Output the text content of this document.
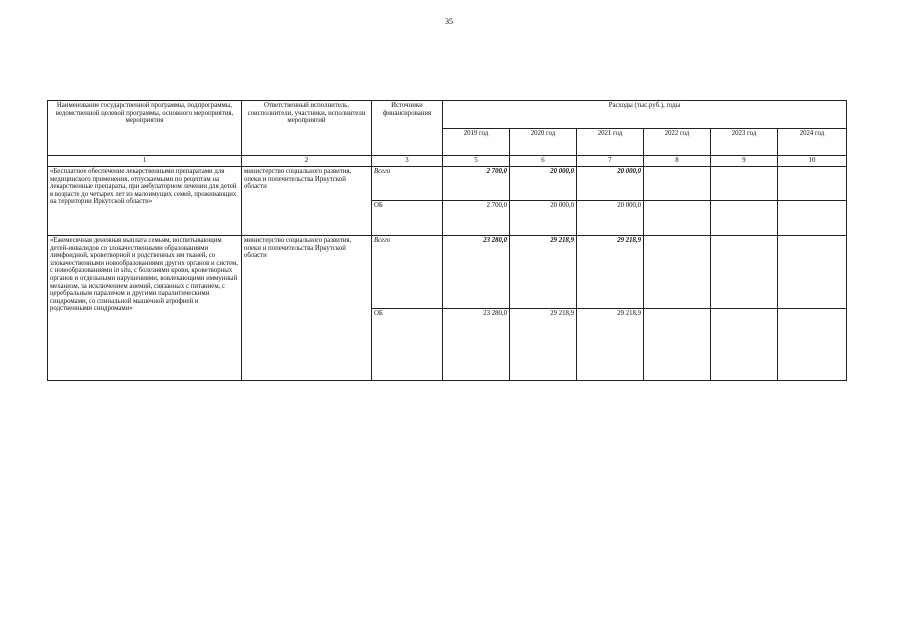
35
Наименование государственной программы, подпрограммы, ведомственной целевой программы, основного мероприятия, мероприятия	Ответственный исполнитель, соисполнители, участники, исполнители мероприятий	Источники финансирования	Расходы (тыс.руб.), годы					
			2019 год	2020 год	2021 год	2022 год	2023 год	2024 год
1	2	3	5	6	7	8	9	10
«Бесплатное обеспечение лекарственными препаратами для медицинского применения, отпускаемыми по рецептам на лекарственные препараты, при амбулаторном лечении для детей в возрасте до четырех лет из малоимущих семей, проживающих на территории Иркутской области»	министерство социального развития, опеки и попечительства Иркутской области	Всего	2 700,0	20 000,0	20 000,0			
		ОБ	2 700,0	20 000,0	20 000,0			
«Ежемесячная денежная выплата семьям, воспитывающим детей-инвалидов со злокачественными образованиями лимфоидной, кроветворной и родственных им тканей, со злокачественными новообразованиями других органов и систем, с новообразованиями in situ, с болезнями крови, кроветворных органов и отдельными нарушениями, вовлекающими иммунный механизм, за исключением анемий, связанных с питанием, с церебральным параличом и другими паралитическими синдромами, со спинальной мышечной атрофией и родственными синдромами»	министерство социального развития, опеки и попечительства Иркутской области	Всего	23 280,0	29 218,9	29 218,9			
		ОБ	23 280,0	29 218,9	29 218,9			
